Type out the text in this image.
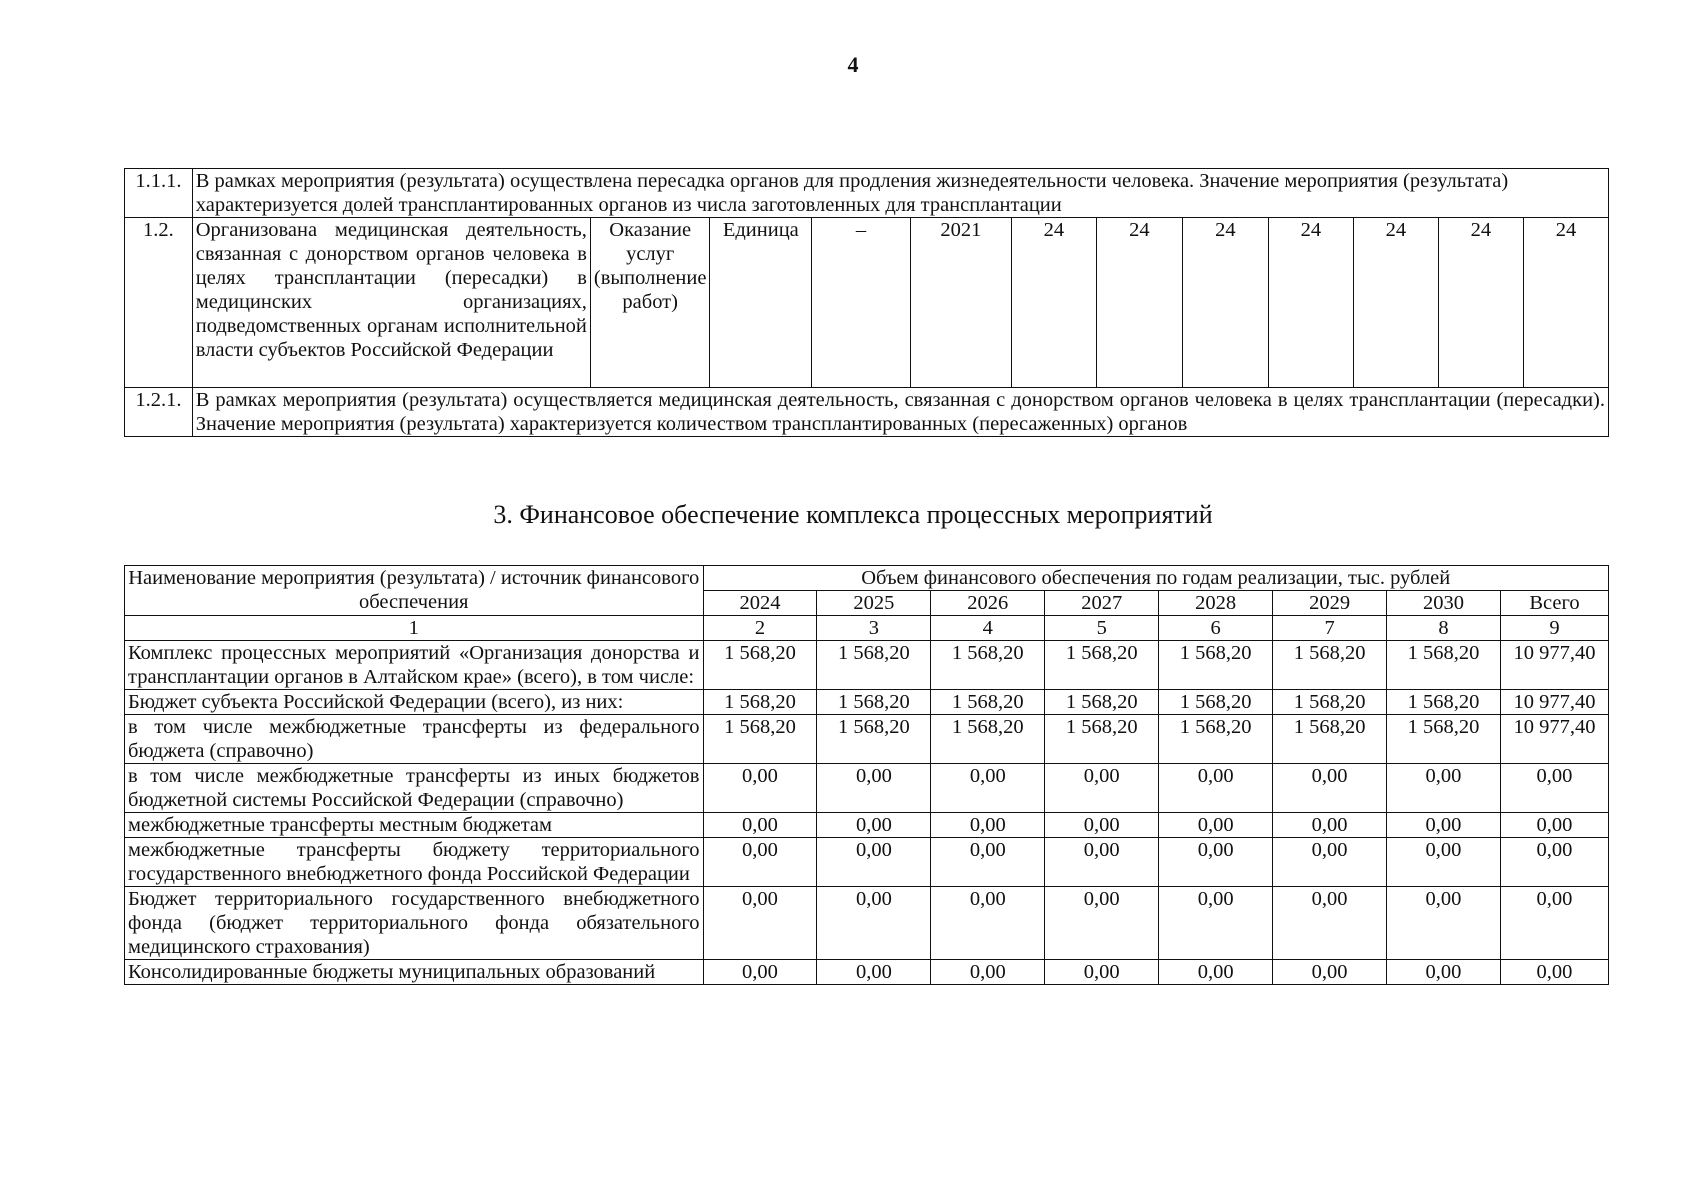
4
1.1.1.	В рамках мероприятия (результата) осуществлена пересадка органов для продления жизнедеятельности человека. Значение мероприятия (результата) характеризуется долей трансплантированных органов из числа заготовленных для трансплантации											
1.2.	Организована медицинская деятельность, связанная с донорством органов человека в целях трансплантации (пересадки) в медицинских организациях, подведомственных органам исполнительной власти субъектов Российской Федерации	Оказание услуг (выполнение работ)	Единица	–	2021	24	24	24	24	24	24	24
1.2.1.	В рамках мероприятия (результата) осуществляется медицинская деятельность, связанная с донорством органов человека в целях трансплантации (пересадки). Значение мероприятия (результата) характеризуется количеством трансплантированных (пересаженных) органов											
3. Финансовое обеспечение комплекса процессных мероприятий
Наименование мероприятия (результата) / источник финансового обеспечения	Объем финансового обеспечения по годам реализации, тыс. рублей							
	2024	2025	2026	2027	2028	2029	2030	Всего
1	2	3	4	5	6	7	8	9
Комплекс процессных мероприятий «Организация донорства и трансплантации органов в Алтайском крае» (всего), в том числе:	1 568,20	1 568,20	1 568,20	1 568,20	1 568,20	1 568,20	1 568,20	10 977,40
Бюджет субъекта Российской Федерации (всего), из них:	1 568,20	1 568,20	1 568,20	1 568,20	1 568,20	1 568,20	1 568,20	10 977,40
в том числе межбюджетные трансферты из федерального бюджета (справочно)	1 568,20	1 568,20	1 568,20	1 568,20	1 568,20	1 568,20	1 568,20	10 977,40
в том числе межбюджетные трансферты из иных бюджетов бюджетной системы Российской Федерации (справочно)	0,00	0,00	0,00	0,00	0,00	0,00	0,00	0,00
межбюджетные трансферты местным бюджетам	0,00	0,00	0,00	0,00	0,00	0,00	0,00	0,00
межбюджетные трансферты бюджету территориального государственного внебюджетного фонда Российской Федерации	0,00	0,00	0,00	0,00	0,00	0,00	0,00	0,00
Бюджет территориального государственного внебюджетного фонда (бюджет территориального фонда обязательного медицинского страхования)	0,00	0,00	0,00	0,00	0,00	0,00	0,00	0,00
Консолидированные бюджеты муниципальных образований	0,00	0,00	0,00	0,00	0,00	0,00	0,00	0,00
